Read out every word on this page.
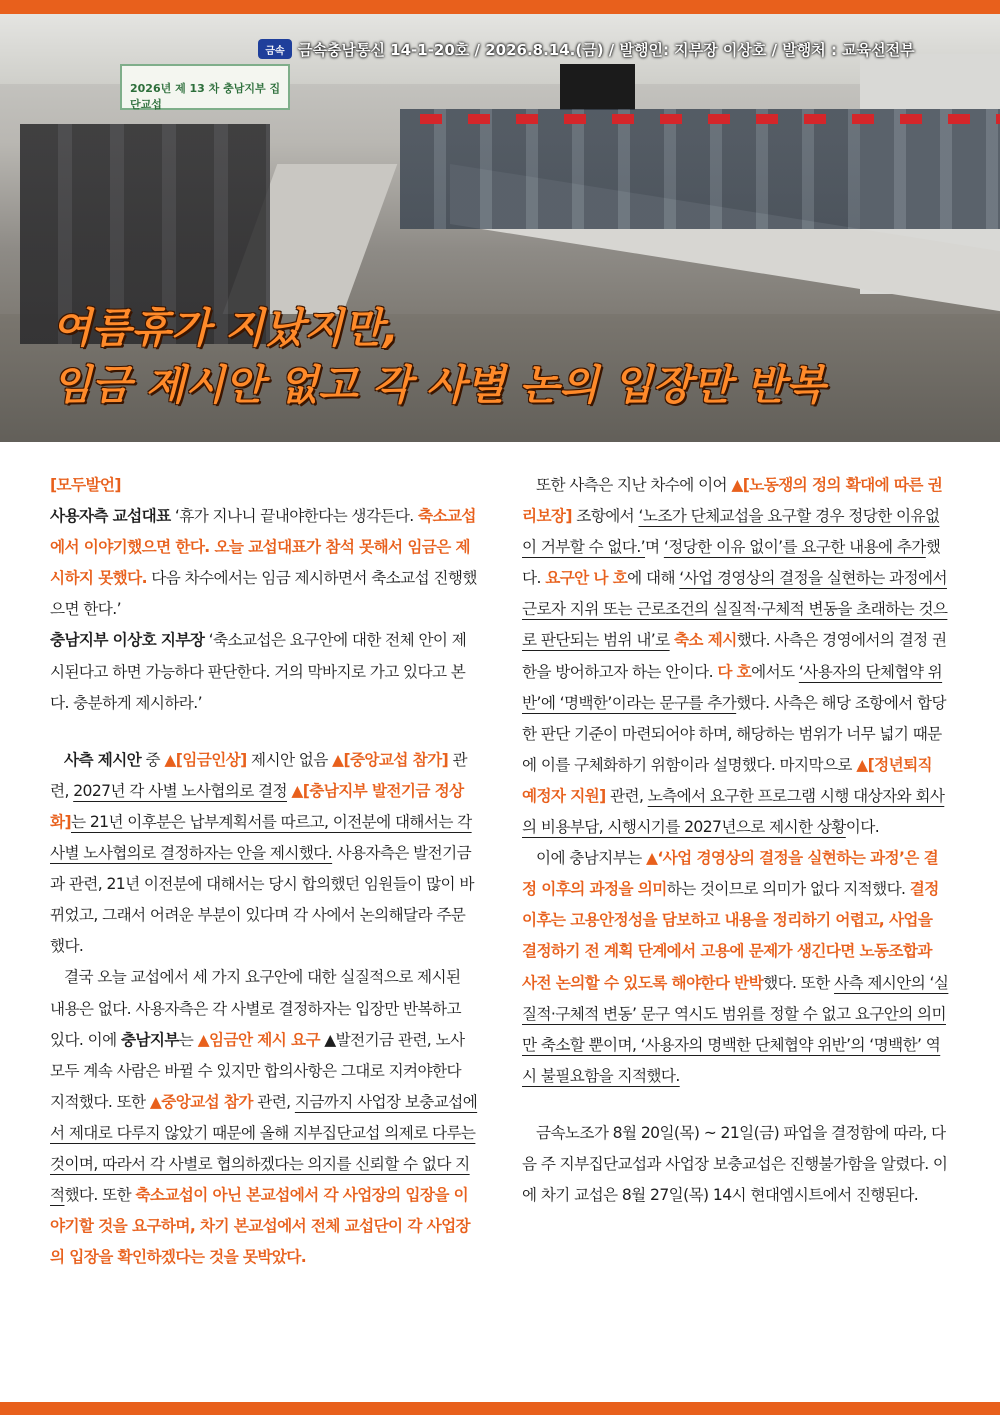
2026년 제 13 차 충남지부 집단교섭
금속 금속충남통신 14-1-20호 / 2026.8.14.(금) / 발행인: 지부장 이상호 / 발행처 : 교육선전부
여름휴가 지났지만,
임금 제시안 없고 각 사별 논의 입장만 반복

[모두발언]

사용자측 교섭대표 ‘휴가 지나니 끝내야한다는 생각든다. 축소교섭에서 이야기했으면 한다. 오늘 교섭대표가 참석 못해서 임금은 제시하지 못했다. 다음 차수에서는 임금 제시하면서 축소교섭 진행했으면 한다.’

충남지부 이상호 지부장 ‘축소교섭은 요구안에 대한 전체 안이 제시된다고 하면 가능하다 판단한다. 거의 막바지로 가고 있다고 본다. 충분하게 제시하라.’

사측 제시안 중 ▲[임금인상] 제시안 없음 ▲[중앙교섭 참가] 관련, 2027년 각 사별 노사협의로 결정 ▲[충남지부 발전기금 정상화]는 21년 이후분은 납부계획서를 따르고, 이전분에 대해서는 각 사별 노사협의로 결정하자는 안을 제시했다. 사용자측은 발전기금과 관련, 21년 이전분에 대해서는 당시 합의했던 임원들이 많이 바뀌었고, 그래서 어려운 부분이 있다며 각 사에서 논의해달라 주문했다.

결국 오늘 교섭에서 세 가지 요구안에 대한 실질적으로 제시된 내용은 없다. 사용자측은 각 사별로 결정하자는 입장만 반복하고 있다. 이에 충남지부는 ▲임금안 제시 요구 ▲발전기금 관련, 노사 모두 계속 사람은 바뀔 수 있지만 합의사항은 그대로 지켜야한다 지적했다. 또한 ▲중앙교섭 참가 관련, 지금까지 사업장 보충교섭에서 제대로 다루지 않았기 때문에 올해 지부집단교섭 의제로 다루는 것이며, 따라서 각 사별로 협의하겠다는 의지를 신뢰할 수 없다 지적했다. 또한 축소교섭이 아닌 본교섭에서 각 사업장의 입장을 이야기할 것을 요구하며, 차기 본교섭에서 전체 교섭단이 각 사업장의 입장을 확인하겠다는 것을 못박았다.

또한 사측은 지난 차수에 이어 ▲[노동쟁의 정의 확대에 따른 권리보장] 조항에서 ‘노조가 단체교섭을 요구할 경우 정당한 이유없이 거부할 수 없다.’며 ‘정당한 이유 없이’를 요구한 내용에 추가했다. 요구안 나 호에 대해 ‘사업 경영상의 결정을 실현하는 과정에서 근로자 지위 또는 근로조건의 실질적·구체적 변동을 초래하는 것으로 판단되는 범위 내’로 축소 제시했다. 사측은 경영에서의 결정 권한을 방어하고자 하는 안이다. 다 호에서도 ‘사용자의 단체협약 위반’에 ‘명백한’이라는 문구를 추가했다. 사측은 해당 조항에서 합당한 판단 기준이 마련되어야 하며, 해당하는 범위가 너무 넓기 때문에 이를 구체화하기 위함이라 설명했다. 마지막으로 ▲[정년퇴직 예정자 지원] 관련, 노측에서 요구한 프로그램 시행 대상자와 회사의 비용부담, 시행시기를 2027년으로 제시한 상황이다.

이에 충남지부는 ▲‘사업 경영상의 결정을 실현하는 과정’은 결정 이후의 과정을 의미하는 것이므로 의미가 없다 지적했다. 결정 이후는 고용안정성을 담보하고 내용을 정리하기 어렵고, 사업을 결정하기 전 계획 단계에서 고용에 문제가 생긴다면 노동조합과 사전 논의할 수 있도록 해야한다 반박했다. 또한 사측 제시안의 ‘실질적·구체적 변동’ 문구 역시도 범위를 정할 수 없고 요구안의 의미만 축소할 뿐이며, ‘사용자의 명백한 단체협약 위반’의 ‘명백한’ 역시 불필요함을 지적했다.

금속노조가 8월 20일(목) ~ 21일(금) 파업을 결정함에 따라, 다음 주 지부집단교섭과 사업장 보충교섭은 진행불가함을 알렸다. 이에 차기 교섭은 8월 27일(목) 14시 현대엠시트에서 진행된다.
